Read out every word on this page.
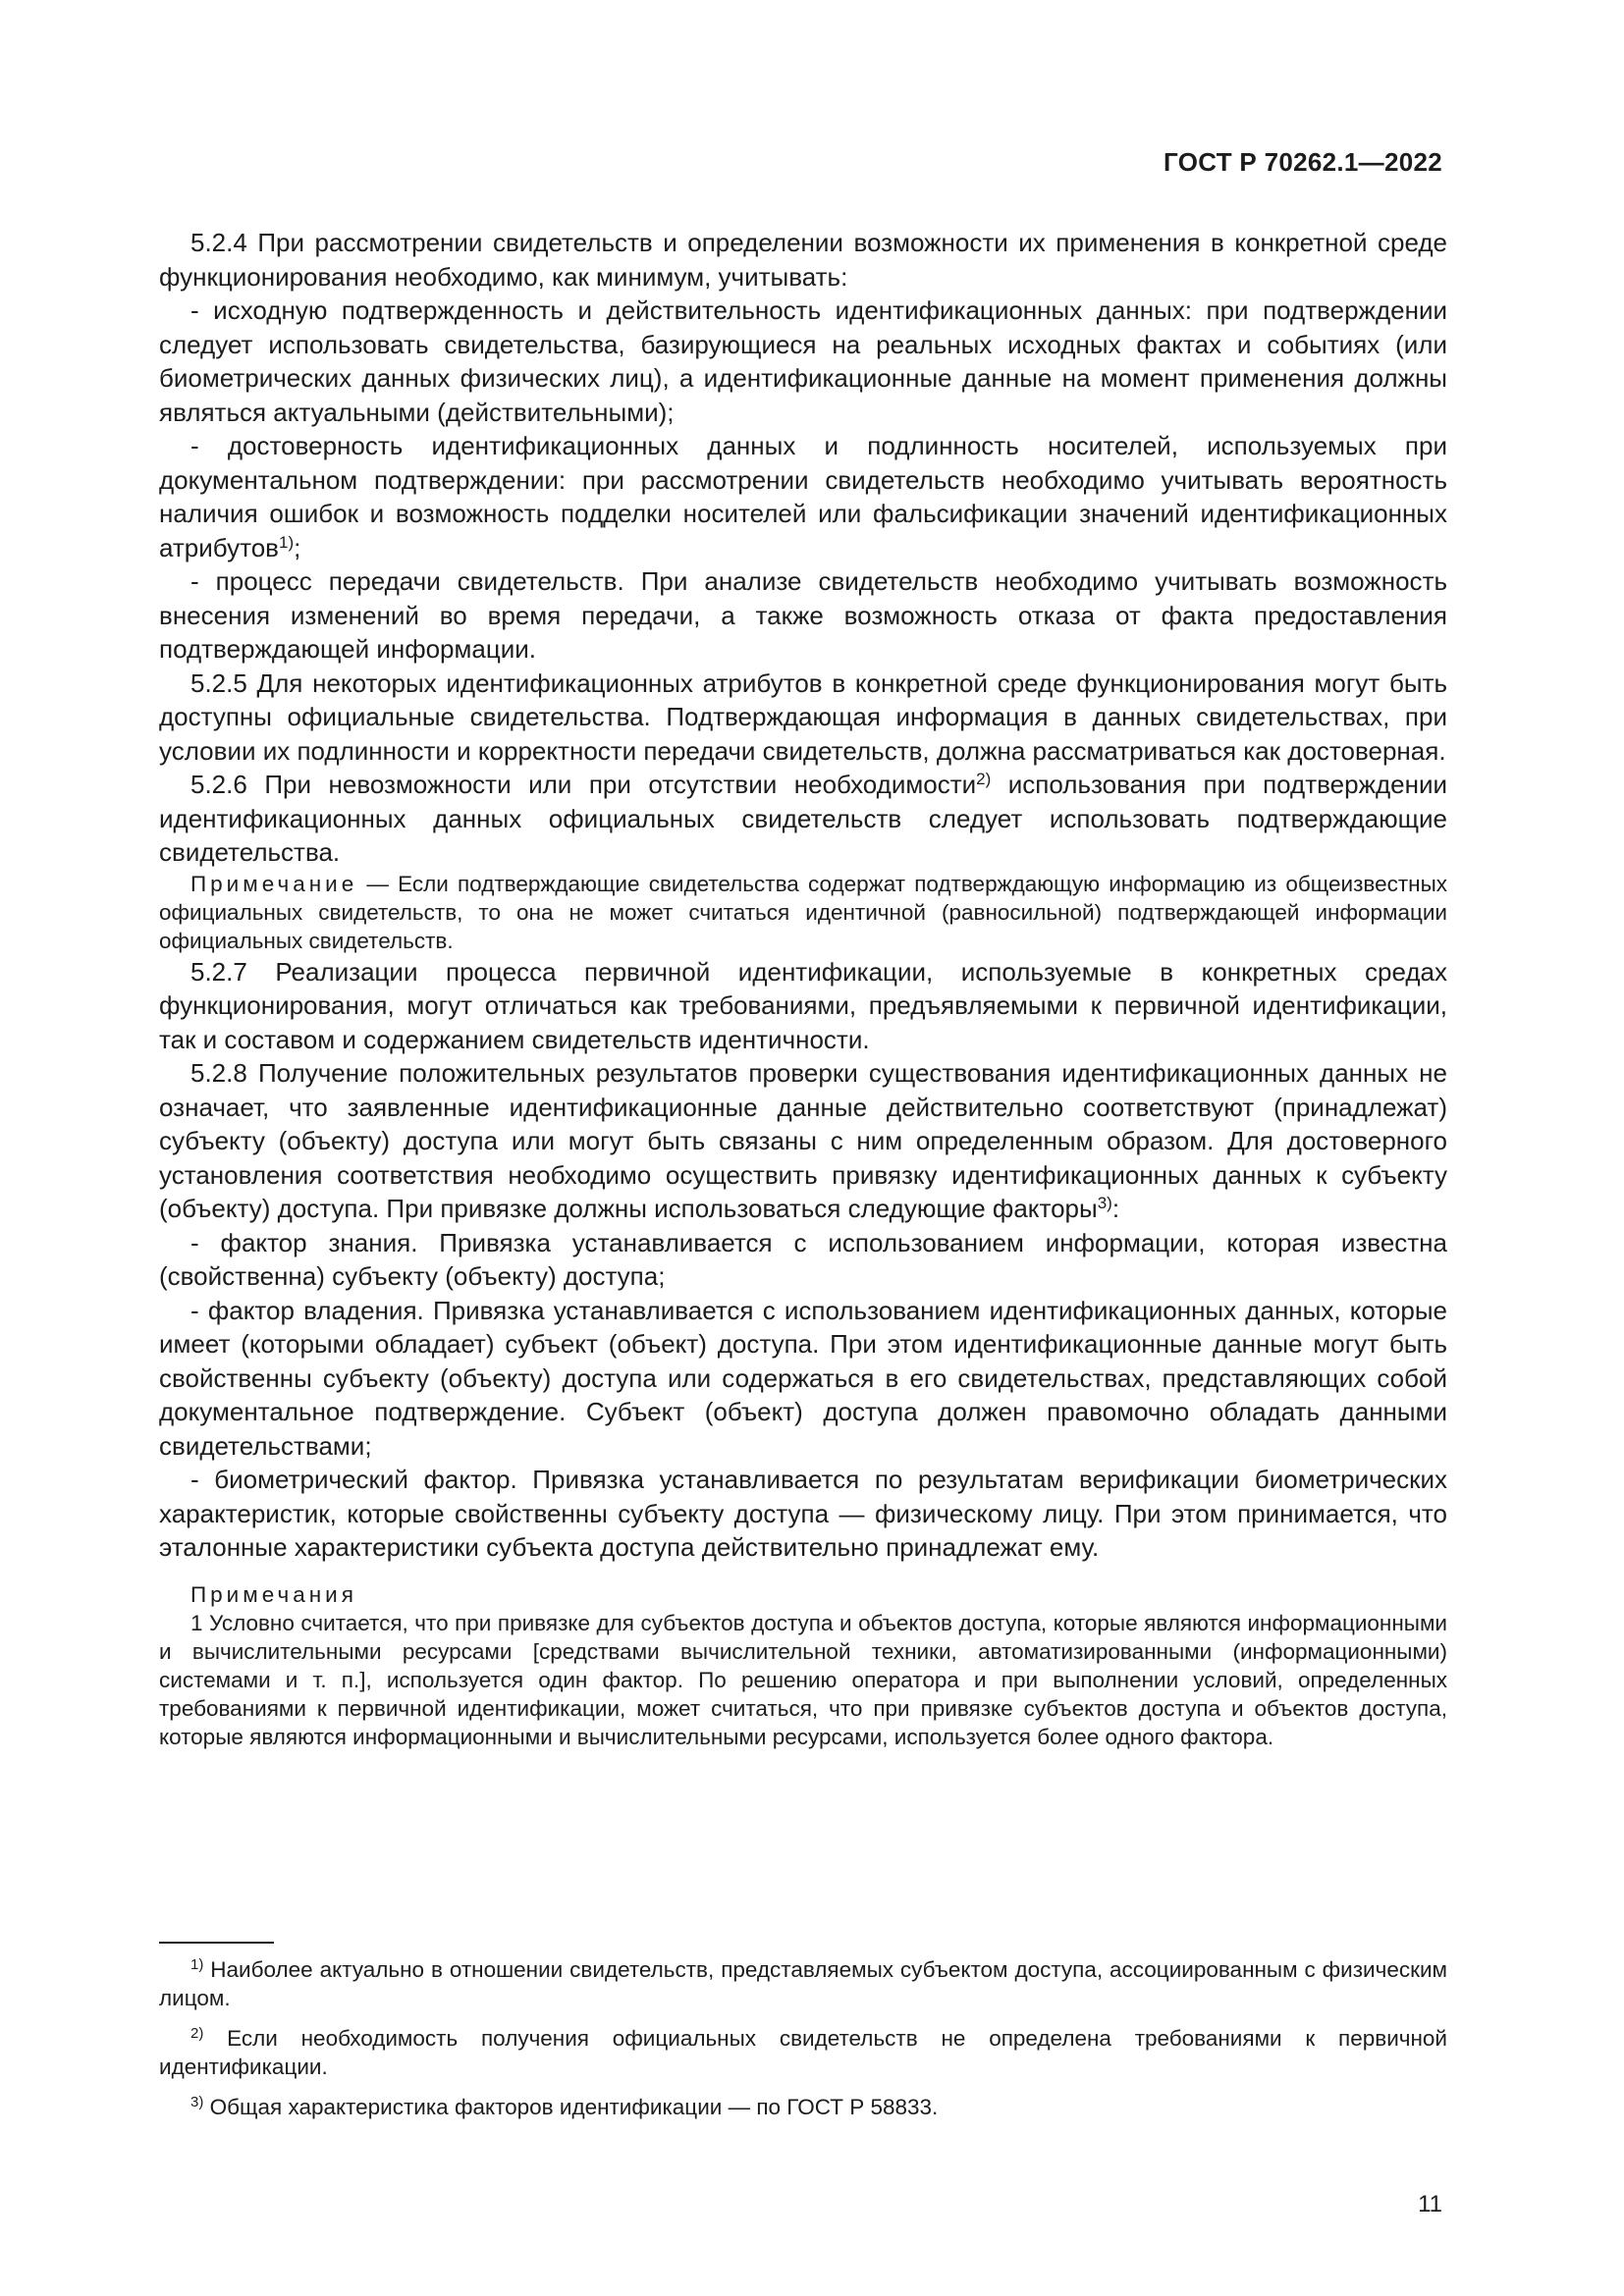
ГОСТ Р 70262.1—2022

5.2.4 При рассмотрении свидетельств и определении возможности их применения в конкретной среде функционирования необходимо, как минимум, учитывать:

- исходную подтвержденность и действительность идентификационных данных: при подтверждении следует использовать свидетельства, базирующиеся на реальных исходных фактах и событиях (или биометрических данных физических лиц), а идентификационные данные на момент применения должны являться актуальными (действительными);

- достоверность идентификационных данных и подлинность носителей, используемых при документальном подтверждении: при рассмотрении свидетельств необходимо учитывать вероятность наличия ошибок и возможность подделки носителей или фальсификации значений идентификационных атрибутов$^{1)}$;

- процесс передачи свидетельств. При анализе свидетельств необходимо учитывать возможность внесения изменений во время передачи, а также возможность отказа от факта предоставления подтверждающей информации.

5.2.5 Для некоторых идентификационных атрибутов в конкретной среде функционирования могут быть доступны официальные свидетельства. Подтверждающая информация в данных свидетельствах, при условии их подлинности и корректности передачи свидетельств, должна рассматриваться как достоверная.

5.2.6 При невозможности или при отсутствии необходимости$^{2)}$ использования при подтверждении идентификационных данных официальных свидетельств следует использовать подтверждающие свидетельства.

Примечание — Если подтверждающие свидетельства содержат подтверждающую информацию из общеизвестных официальных свидетельств, то она не может считаться идентичной (равносильной) подтверждающей информации официальных свидетельств.

5.2.7 Реализации процесса первичной идентификации, используемые в конкретных средах функционирования, могут отличаться как требованиями, предъявляемыми к первичной идентификации, так и составом и содержанием свидетельств идентичности.

5.2.8 Получение положительных результатов проверки существования идентификационных данных не означает, что заявленные идентификационные данные действительно соответствуют (принадлежат) субъекту (объекту) доступа или могут быть связаны с ним определенным образом. Для достоверного установления соответствия необходимо осуществить привязку идентификационных данных к субъекту (объекту) доступа. При привязке должны использоваться следующие факторы$^{3)}$:

- фактор знания. Привязка устанавливается с использованием информации, которая известна (свойственна) субъекту (объекту) доступа;

- фактор владения. Привязка устанавливается с использованием идентификационных данных, которые имеет (которыми обладает) субъект (объект) доступа. При этом идентификационные данные могут быть свойственны субъекту (объекту) доступа или содержаться в его свидетельствах, представляющих собой документальное подтверждение. Субъект (объект) доступа должен правомочно обладать данными свидетельствами;

- биометрический фактор. Привязка устанавливается по результатам верификации биометрических характеристик, которые свойственны субъекту доступа — физическому лицу. При этом принимается, что эталонные характеристики субъекта доступа действительно принадлежат ему.

Примечания

1 Условно считается, что при привязке для субъектов доступа и объектов доступа, которые являются информационными и вычислительными ресурсами [средствами вычислительной техники, автоматизированными (информационными) системами и т. п.], используется один фактор. По решению оператора и при выполнении условий, определенных требованиями к первичной идентификации, может считаться, что при привязке субъектов доступа и объектов доступа, которые являются информационными и вычислительными ресурсами, используется более одного фактора.

$^{1)}$ Наиболее актуально в отношении свидетельств, представляемых субъектом доступа, ассоциированным с физическим лицом.

$^{2)}$ Если необходимость получения официальных свидетельств не определена требованиями к первичной идентификации.

$^{3)}$ Общая характеристика факторов идентификации — по ГОСТ Р 58833.

11
